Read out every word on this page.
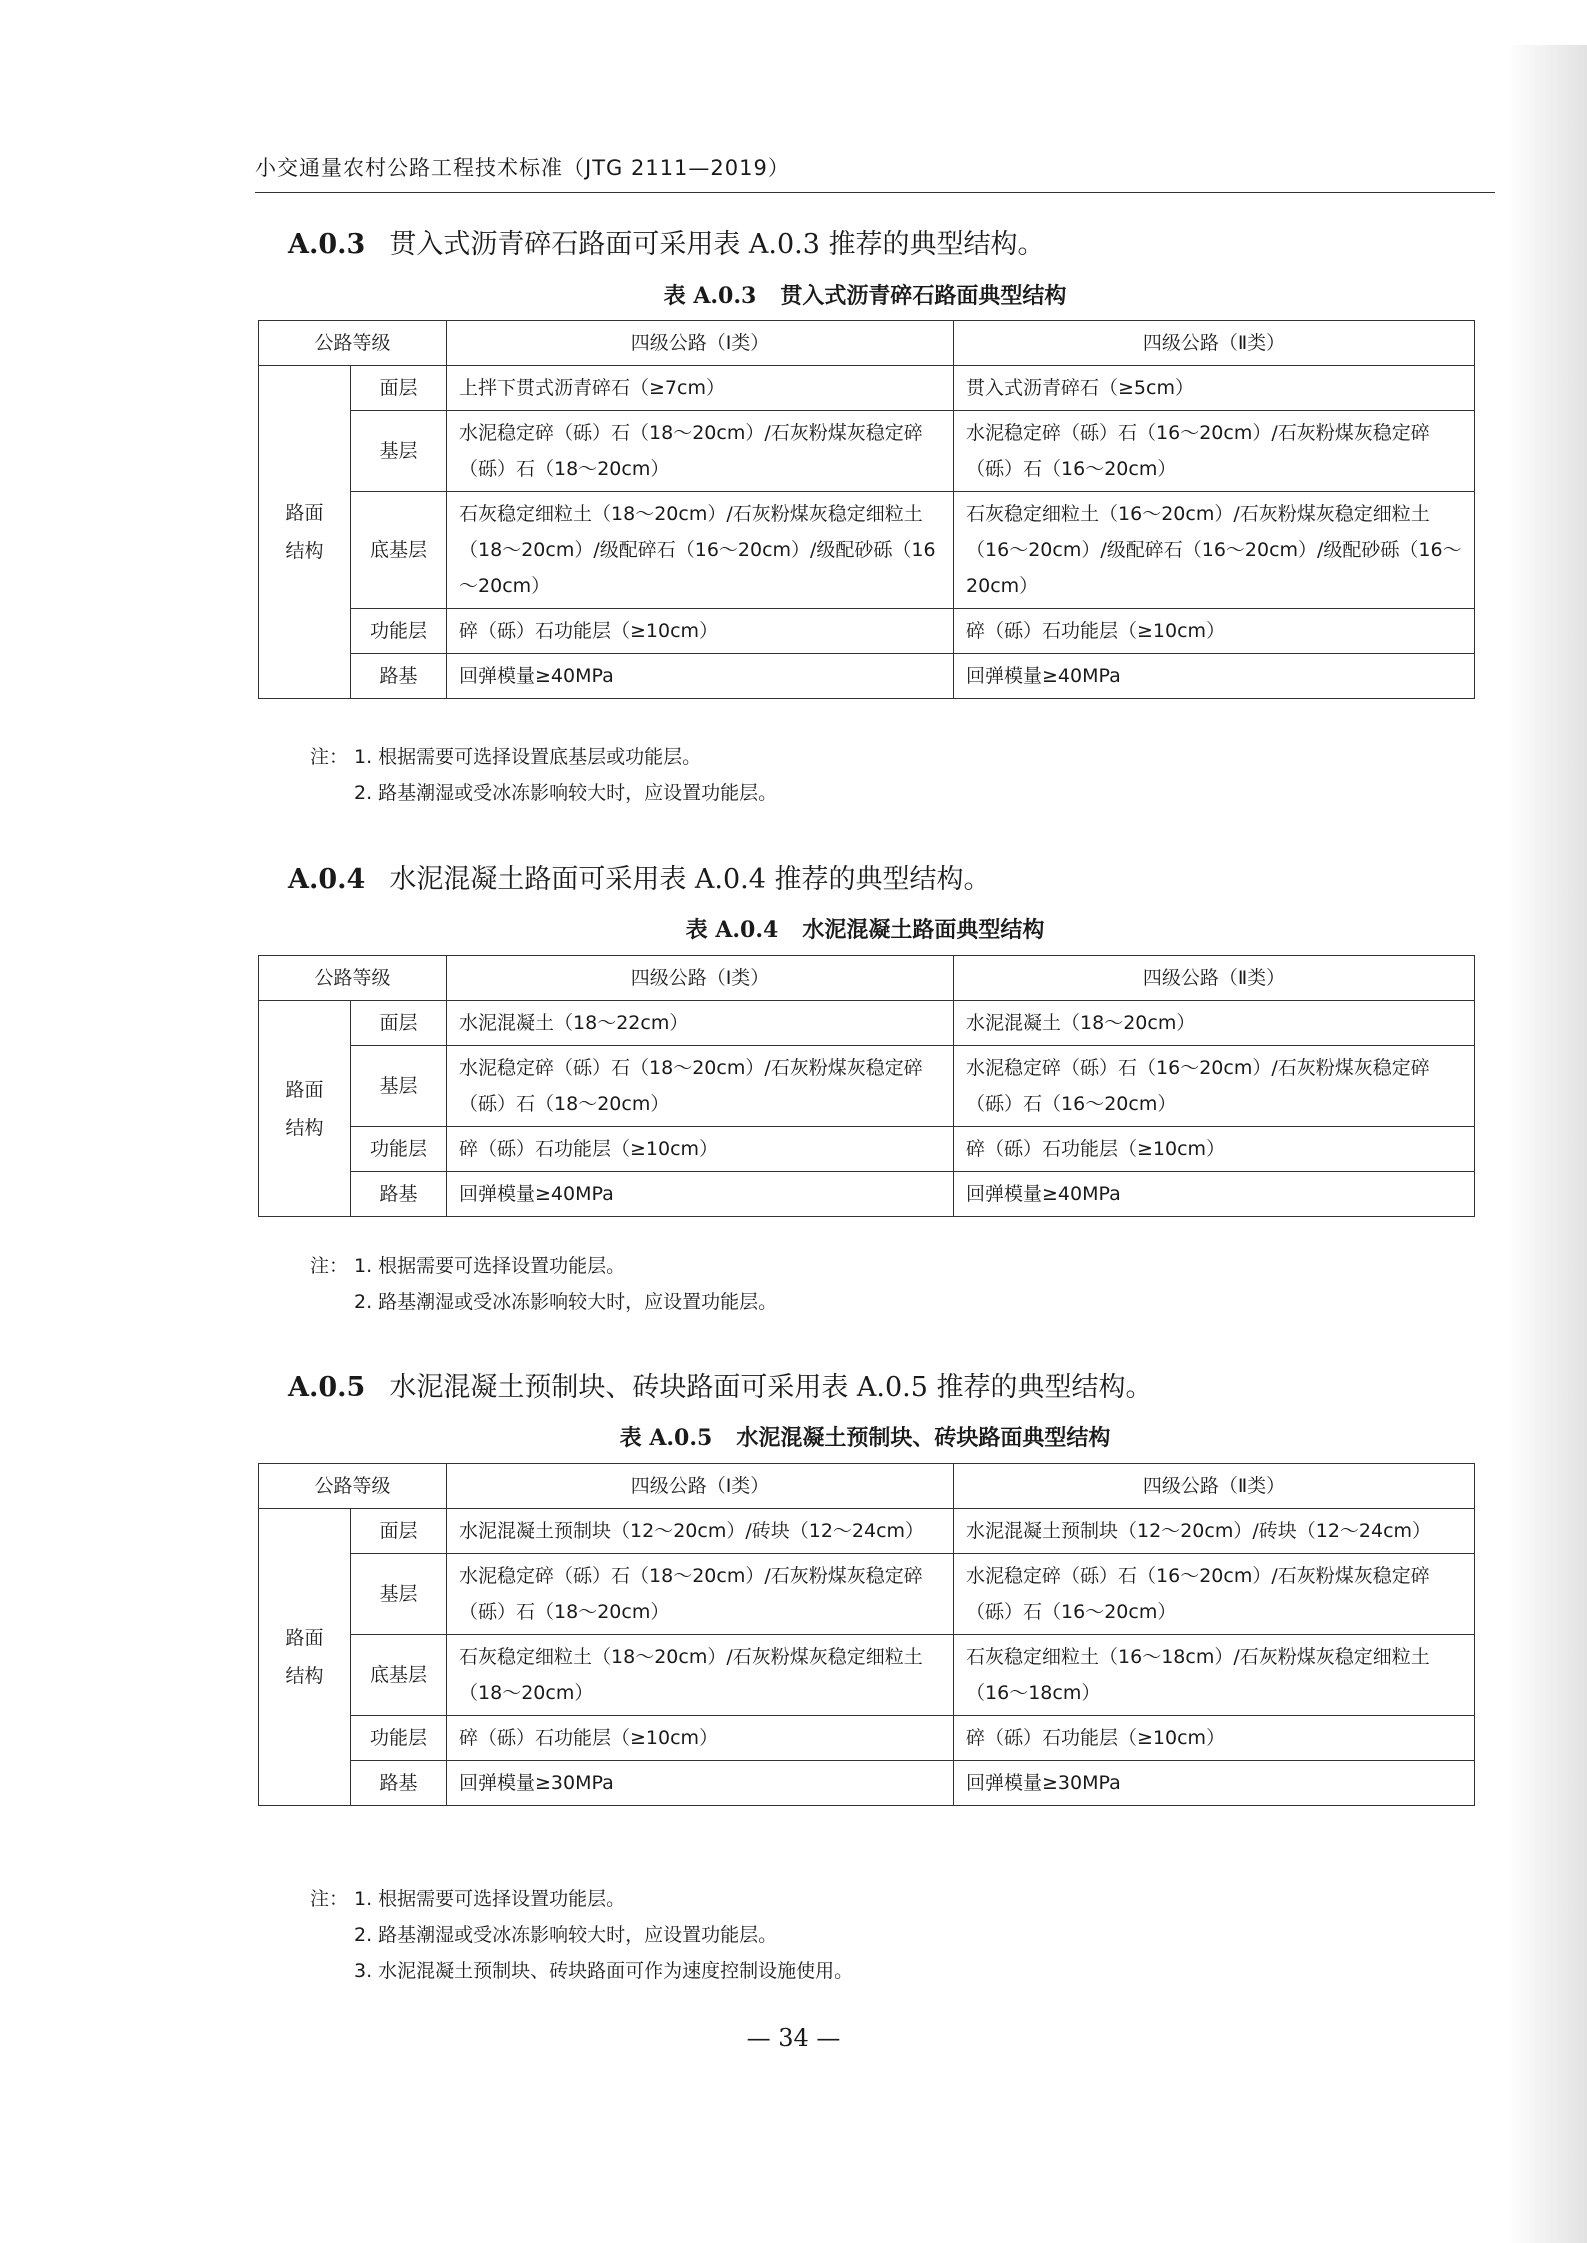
小交通量农村公路工程技术标准（JTG 2111—2019）
A.0.3 贯入式沥青碎石路面可采用表 A.0.3 推荐的典型结构。
表 A.0.3 贯入式沥青碎石路面典型结构
公路等级		四级公路（Ⅰ类）	四级公路（Ⅱ类）

路面结构	面层	上拌下贯式沥青碎石（≥7cm）	贯入式沥青碎石（≥5cm）
	基层	水泥稳定碎（砾）石（18～20cm）/石灰粉煤灰稳定碎（砾）石（18～20cm）	水泥稳定碎（砾）石（16～20cm）/石灰粉煤灰稳定碎（砾）石（16～20cm）
	底基层	石灰稳定细粒土（18～20cm）/石灰粉煤灰稳定细粒土（18～20cm）/级配碎石（16～20cm）/级配砂砾（16～20cm）	石灰稳定细粒土（16～20cm）/石灰粉煤灰稳定细粒土（16～20cm）/级配碎石（16～20cm）/级配砂砾（16～20cm）
	功能层	碎（砾）石功能层（≥10cm）	碎（砾）石功能层（≥10cm）
	路基	回弹模量≥40MPa	回弹模量≥40MPa
注： 1. 根据需要可选择设置底基层或功能层。
2. 路基潮湿或受冰冻影响较大时，应设置功能层。
A.0.4 水泥混凝土路面可采用表 A.0.4 推荐的典型结构。
表 A.0.4 水泥混凝土路面典型结构
公路等级		四级公路（Ⅰ类）	四级公路（Ⅱ类）

路面结构	面层	水泥混凝土（18～22cm）	水泥混凝土（18～20cm）
	基层	水泥稳定碎（砾）石（18～20cm）/石灰粉煤灰稳定碎（砾）石（18～20cm）	水泥稳定碎（砾）石（16～20cm）/石灰粉煤灰稳定碎（砾）石（16～20cm）
	功能层	碎（砾）石功能层（≥10cm）	碎（砾）石功能层（≥10cm）
	路基	回弹模量≥40MPa	回弹模量≥40MPa
注： 1. 根据需要可选择设置功能层。
2. 路基潮湿或受冰冻影响较大时，应设置功能层。
A.0.5 水泥混凝土预制块、砖块路面可采用表 A.0.5 推荐的典型结构。
表 A.0.5 水泥混凝土预制块、砖块路面典型结构
公路等级		四级公路（Ⅰ类）	四级公路（Ⅱ类）

路面结构	面层	水泥混凝土预制块（12～20cm）/砖块（12～24cm）	水泥混凝土预制块（12～20cm）/砖块（12～24cm）
	基层	水泥稳定碎（砾）石（18～20cm）/石灰粉煤灰稳定碎（砾）石（18～20cm）	水泥稳定碎（砾）石（16～20cm）/石灰粉煤灰稳定碎（砾）石（16～20cm）
	底基层	石灰稳定细粒土（18～20cm）/石灰粉煤灰稳定细粒土（18～20cm）	石灰稳定细粒土（16～18cm）/石灰粉煤灰稳定细粒土（16～18cm）
	功能层	碎（砾）石功能层（≥10cm）	碎（砾）石功能层（≥10cm）
	路基	回弹模量≥30MPa	回弹模量≥30MPa
注： 1. 根据需要可选择设置功能层。
2. 路基潮湿或受冰冻影响较大时，应设置功能层。
3. 水泥混凝土预制块、砖块路面可作为速度控制设施使用。
— 34 —
